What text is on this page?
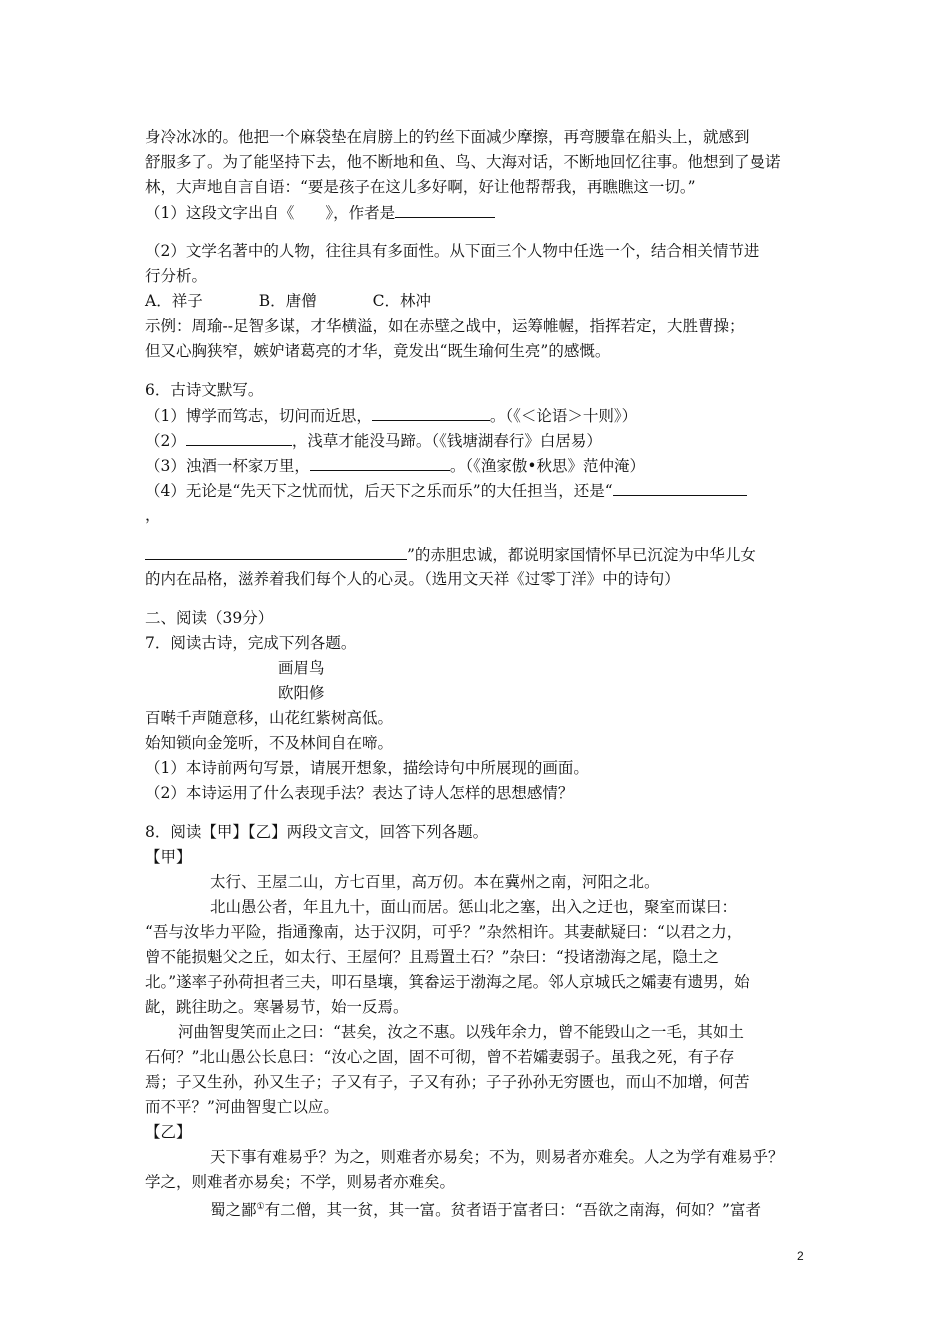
身冷冰冰的。他把一个麻袋垫在肩膀上的钓丝下面减少摩擦，再弯腰靠在船头上，就感到
舒服多了。为了能坚持下去，他不断地和鱼、鸟、大海对话，不断地回忆往事。他想到了曼诺
林，大声地自言自语：“要是孩子在这儿多好啊，好让他帮帮我，再瞧瞧这一切。”
（1）这段文字出自《　　》，作者是
（2）文学名著中的人物，往往具有多面性。从下面三个人物中任选一个，结合相关情节进
行分析。
A．祥子	B．唐僧	C．林冲
示例：周瑜--足智多谋，才华横溢，如在赤壁之战中，运筹帷幄，指挥若定，大胜曹操；
但又心胸狭窄，嫉妒诸葛亮的才华，竟发出“既生瑜何生亮”的感慨。
6．古诗文默写。
（1）博学而笃志，切问而近思，	。（《＜论语＞十则》）
（2）	，浅草才能没马蹄。（《钱塘湖春行》白居易）
（3）浊酒一杯家万里，	。（《渔家傲•秋思》范仲淹）
（4）无论是“先天下之忧而忧，后天下之乐而乐”的大任担当，还是“
，
”的赤胆忠诚，都说明家国情怀早已沉淀为中华儿女
的内在品格，滋养着我们每个人的心灵。（选用文天祥《过零丁洋》中的诗句）
二、阅读（39分）
7．阅读古诗，完成下列各题。
画眉鸟
欧阳修
百啭千声随意移，山花红紫树高低。
始知锁向金笼听，不及林间自在啼。
（1）本诗前两句写景，请展开想象，描绘诗句中所展现的画面。
（2）本诗运用了什么表现手法？表达了诗人怎样的思想感情？
8．阅读【甲】【乙】两段文言文，回答下列各题。
【甲】
太行、王屋二山，方七百里，高万仞。本在冀州之南，河阳之北。
北山愚公者，年且九十，面山而居。惩山北之塞，出入之迂也，聚室而谋曰：
“吾与汝毕力平险，指通豫南，达于汉阴，可乎？”杂然相许。其妻献疑曰：“以君之力，
曾不能损魁父之丘，如太行、王屋何？且焉置土石？”杂曰：“投诸渤海之尾，隐土之
北。”遂率子孙荷担者三夫，叩石垦壤，箕畚运于渤海之尾。邻人京城氏之孀妻有遗男，始
龀，跳往助之。寒暑易节，始一反焉。
河曲智叟笑而止之曰：“甚矣，汝之不惠。以残年余力，曾不能毁山之一毛，其如土
石何？”北山愚公长息曰：“汝心之固，固不可彻，曾不若孀妻弱子。虽我之死，有子存
焉；子又生孙，孙又生子；子又有子，子又有孙；子子孙孙无穷匮也，而山不加增，何苦
而不平？”河曲智叟亡以应。
【乙】
天下事有难易乎？为之，则难者亦易矣；不为，则易者亦难矣。人之为学有难易乎？
学之，则难者亦易矣；不学，则易者亦难矣。
蜀之鄙①有二僧，其一贫，其一富。贫者语于富者曰：“吾欲之南海，何如？”富者
2
